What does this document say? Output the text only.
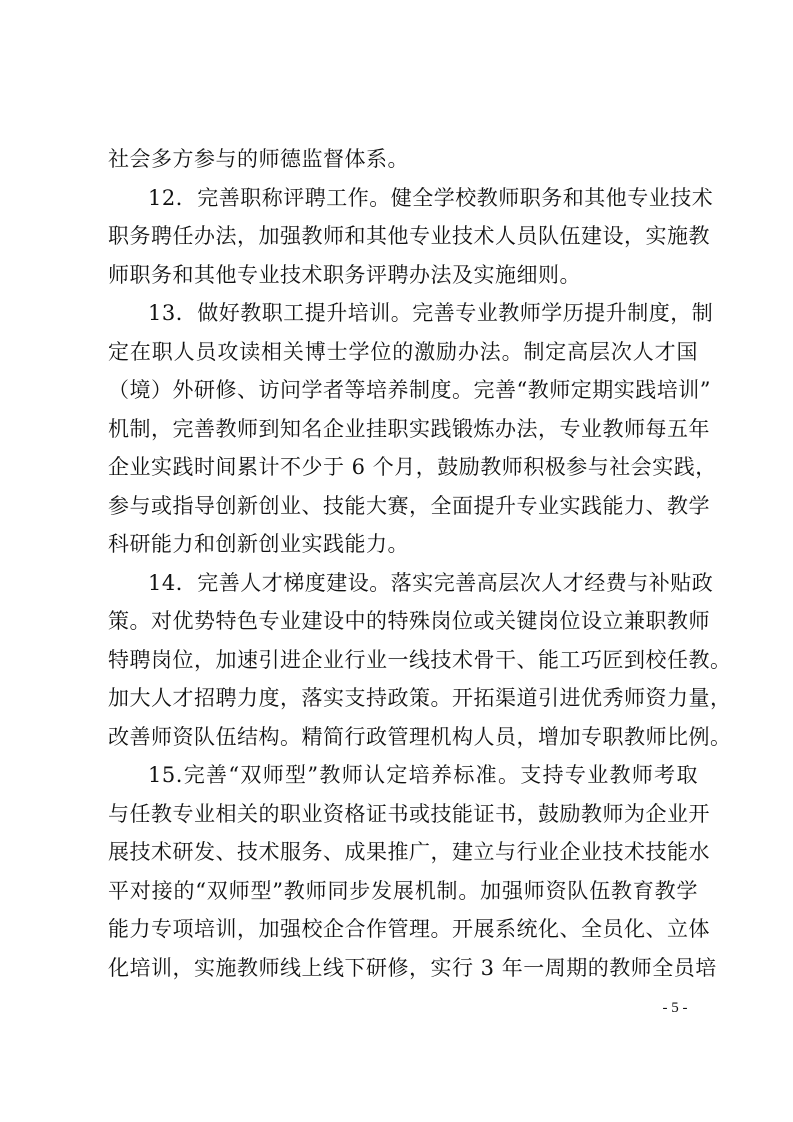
社会多方参与的师德监督体系。
12．完善职称评聘工作。健全学校教师职务和其他专业技术
职务聘任办法，加强教师和其他专业技术人员队伍建设，实施教
师职务和其他专业技术职务评聘办法及实施细则。
13．做好教职工提升培训。完善专业教师学历提升制度，制
定在职人员攻读相关博士学位的激励办法。制定高层次人才国
（境）外研修、访问学者等培养制度。完善“教师定期实践培训”
机制，完善教师到知名企业挂职实践锻炼办法，专业教师每五年
企业实践时间累计不少于 6 个月，鼓励教师积极参与社会实践，
参与或指导创新创业、技能大赛，全面提升专业实践能力、教学
科研能力和创新创业实践能力。
14．完善人才梯度建设。落实完善高层次人才经费与补贴政
策。对优势特色专业建设中的特殊岗位或关键岗位设立兼职教师
特聘岗位，加速引进企业行业一线技术骨干、能工巧匠到校任教。
加大人才招聘力度，落实支持政策。开拓渠道引进优秀师资力量，
改善师资队伍结构。精简行政管理机构人员，增加专职教师比例。
15.完善“双师型”教师认定培养标准。支持专业教师考取
与任教专业相关的职业资格证书或技能证书，鼓励教师为企业开
展技术研发、技术服务、成果推广，建立与行业企业技术技能水
平对接的“双师型”教师同步发展机制。加强师资队伍教育教学
能力专项培训，加强校企合作管理。开展系统化、全员化、立体
化培训，实施教师线上线下研修，实行 3 年一周期的教师全员培
- 5 -
